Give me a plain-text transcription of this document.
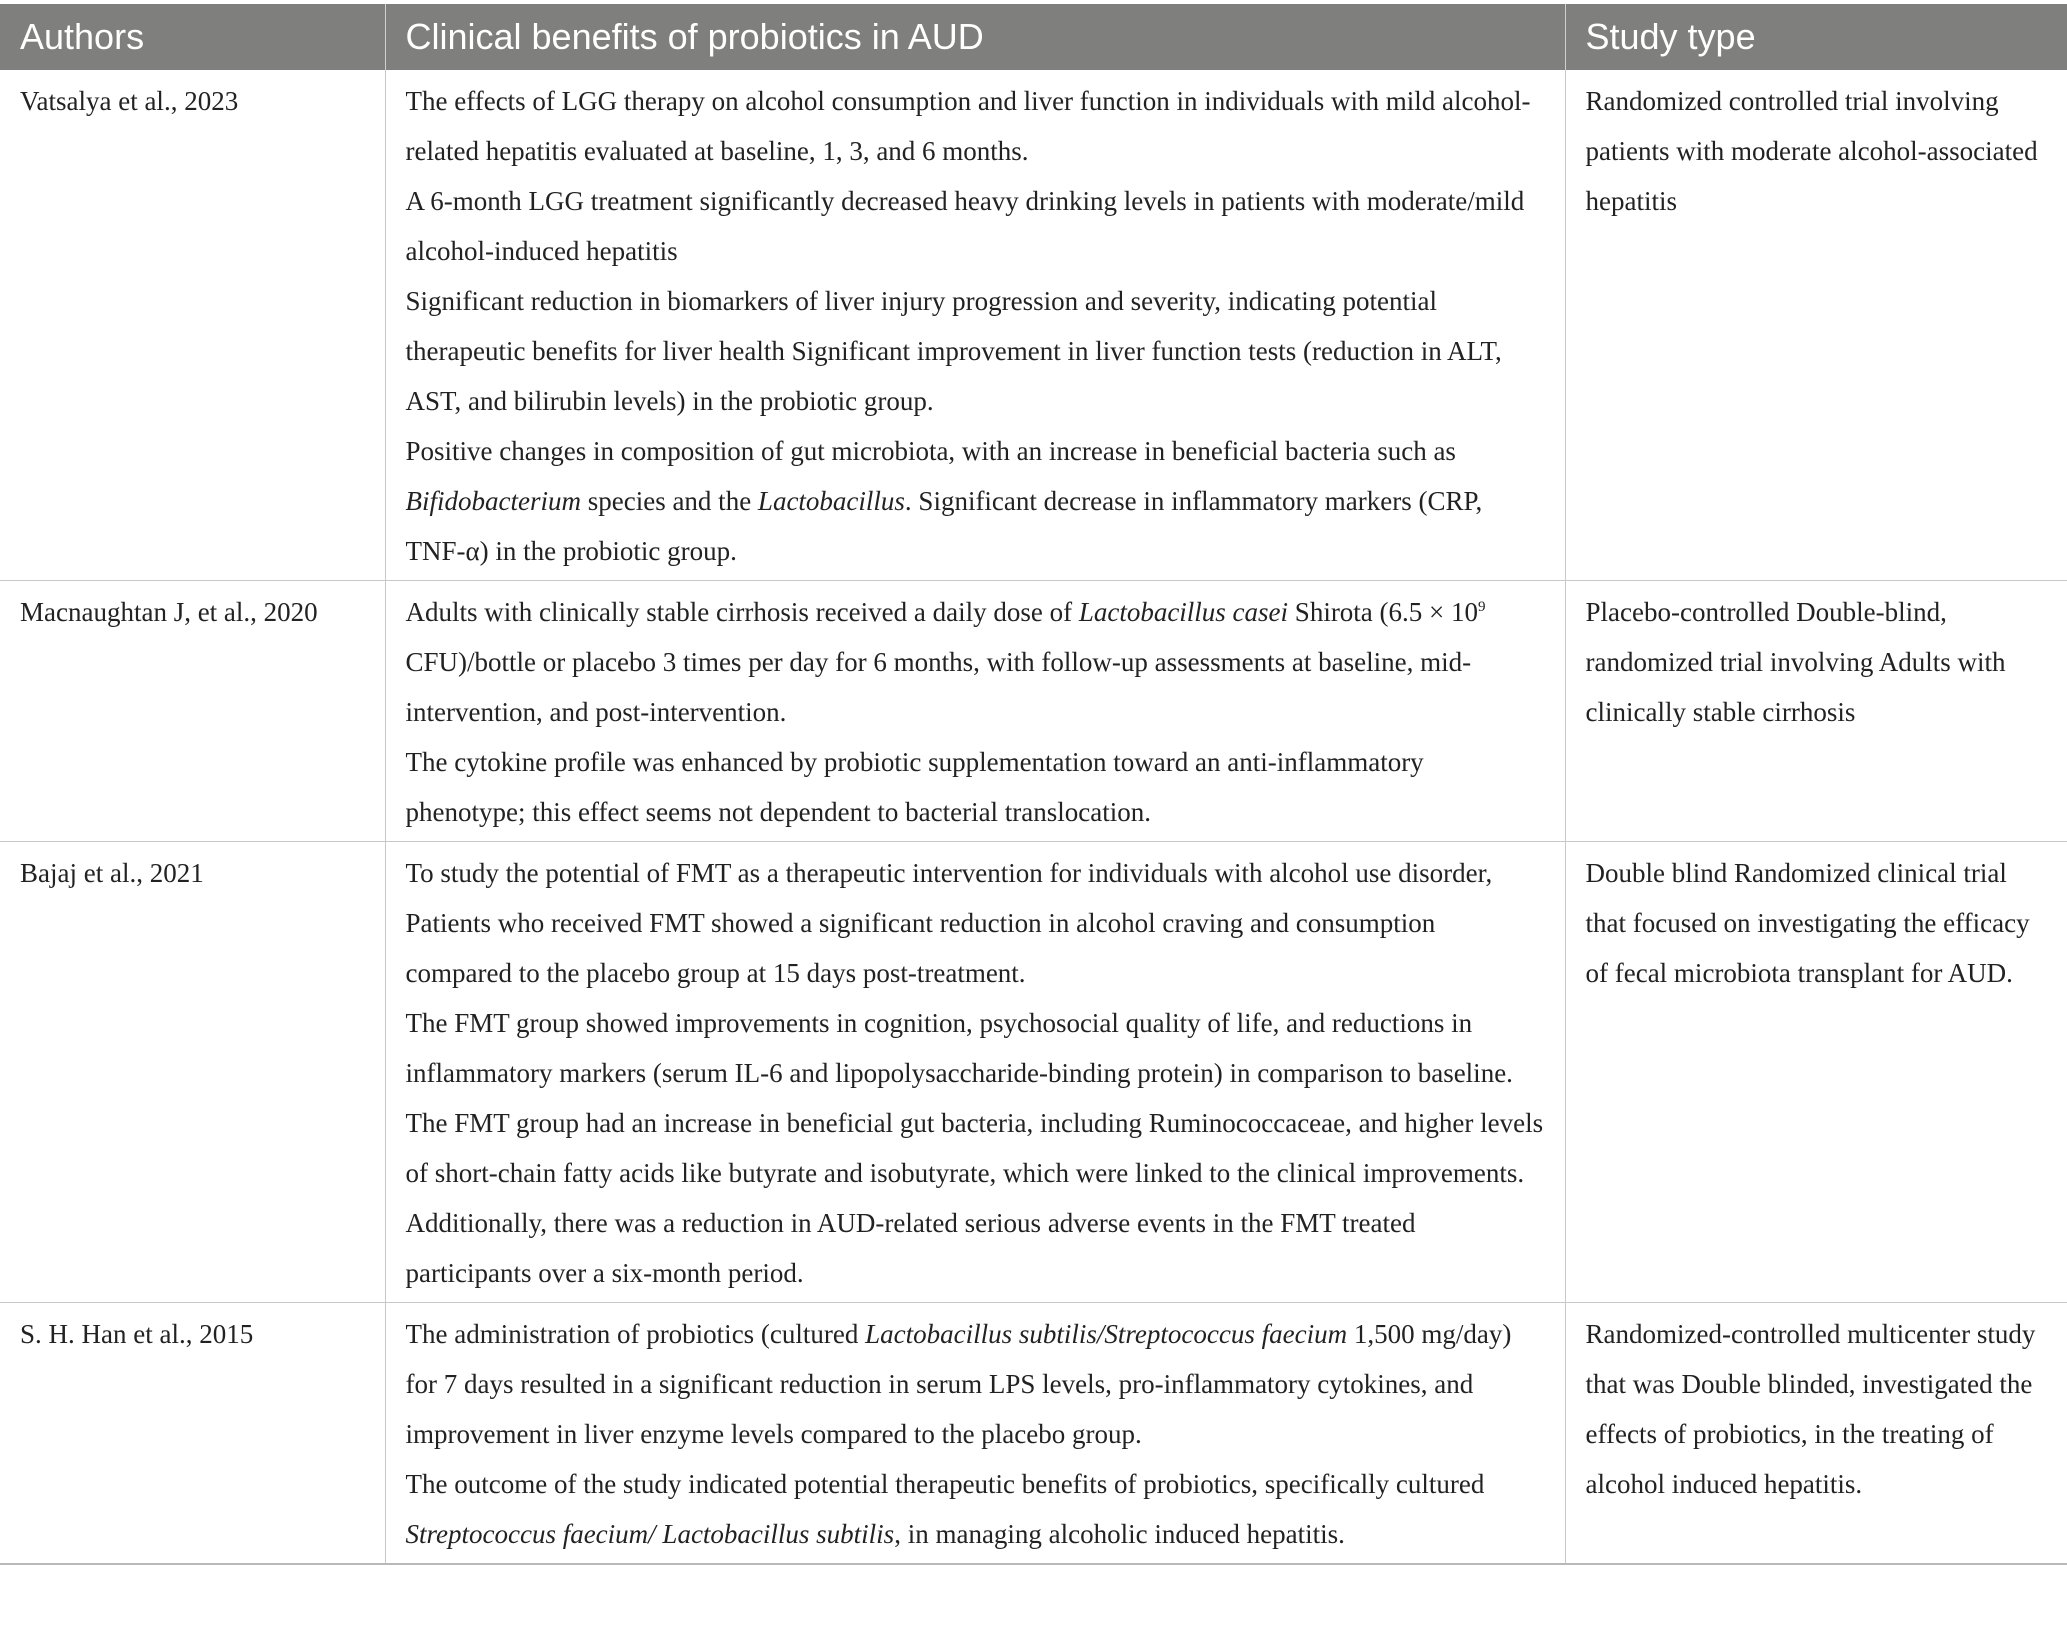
Authors	Clinical benefits of probiotics in AUD	Study type
Vatsalya et al., 2023	The effects of LGG therapy on alcohol consumption and liver function in individuals with mild alcohol-related hepatitis evaluated at baseline, 1, 3, and 6 months.
A 6-month LGG treatment significantly decreased heavy drinking levels in patients with moderate/mild alcohol-induced hepatitis
Significant reduction in biomarkers of liver injury progression and severity, indicating potential therapeutic benefits for liver health Significant improvement in liver function tests (reduction in ALT, AST, and bilirubin levels) in the probiotic group.
Positive changes in composition of gut microbiota, with an increase in beneficial bacteria such as Bifidobacterium species and the Lactobacillus. Significant decrease in inflammatory markers (CRP, TNF-α) in the probiotic group.	Randomized controlled trial involving patients with moderate alcohol-associated hepatitis
Macnaughtan J, et al., 2020	Adults with clinically stable cirrhosis received a daily dose of Lactobacillus casei Shirota ($6.5 \times 10^9$ CFU)/bottle or placebo 3 times per day for 6 months, with follow-up assessments at baseline, mid-intervention, and post-intervention.
The cytokine profile was enhanced by probiotic supplementation toward an anti-inflammatory phenotype; this effect seems not dependent to bacterial translocation.	Placebo-controlled Double-blind, randomized trial involving Adults with clinically stable cirrhosis
Bajaj et al., 2021	To study the potential of FMT as a therapeutic intervention for individuals with alcohol use disorder, Patients who received FMT showed a significant reduction in alcohol craving and consumption compared to the placebo group at 15 days post-treatment.
The FMT group showed improvements in cognition, psychosocial quality of life, and reductions in inflammatory markers (serum IL-6 and lipopolysaccharide-binding protein) in comparison to baseline.
The FMT group had an increase in beneficial gut bacteria, including Ruminococcaceae, and higher levels of short-chain fatty acids like butyrate and isobutyrate, which were linked to the clinical improvements. Additionally, there was a reduction in AUD-related serious adverse events in the FMT treated participants over a six-month period.	Double blind Randomized clinical trial that focused on investigating the efficacy of fecal microbiota transplant for AUD.
S. H. Han et al., 2015	The administration of probiotics (cultured Lactobacillus subtilis/Streptococcus faecium 1,500 mg/day) for 7 days resulted in a significant reduction in serum LPS levels, pro-inflammatory cytokines, and improvement in liver enzyme levels compared to the placebo group.
The outcome of the study indicated potential therapeutic benefits of probiotics, specifically cultured Streptococcus faecium/ Lactobacillus subtilis, in managing alcoholic induced hepatitis.	Randomized-controlled multicenter study that was Double blinded, investigated the effects of probiotics, in the treating of alcohol induced hepatitis.
